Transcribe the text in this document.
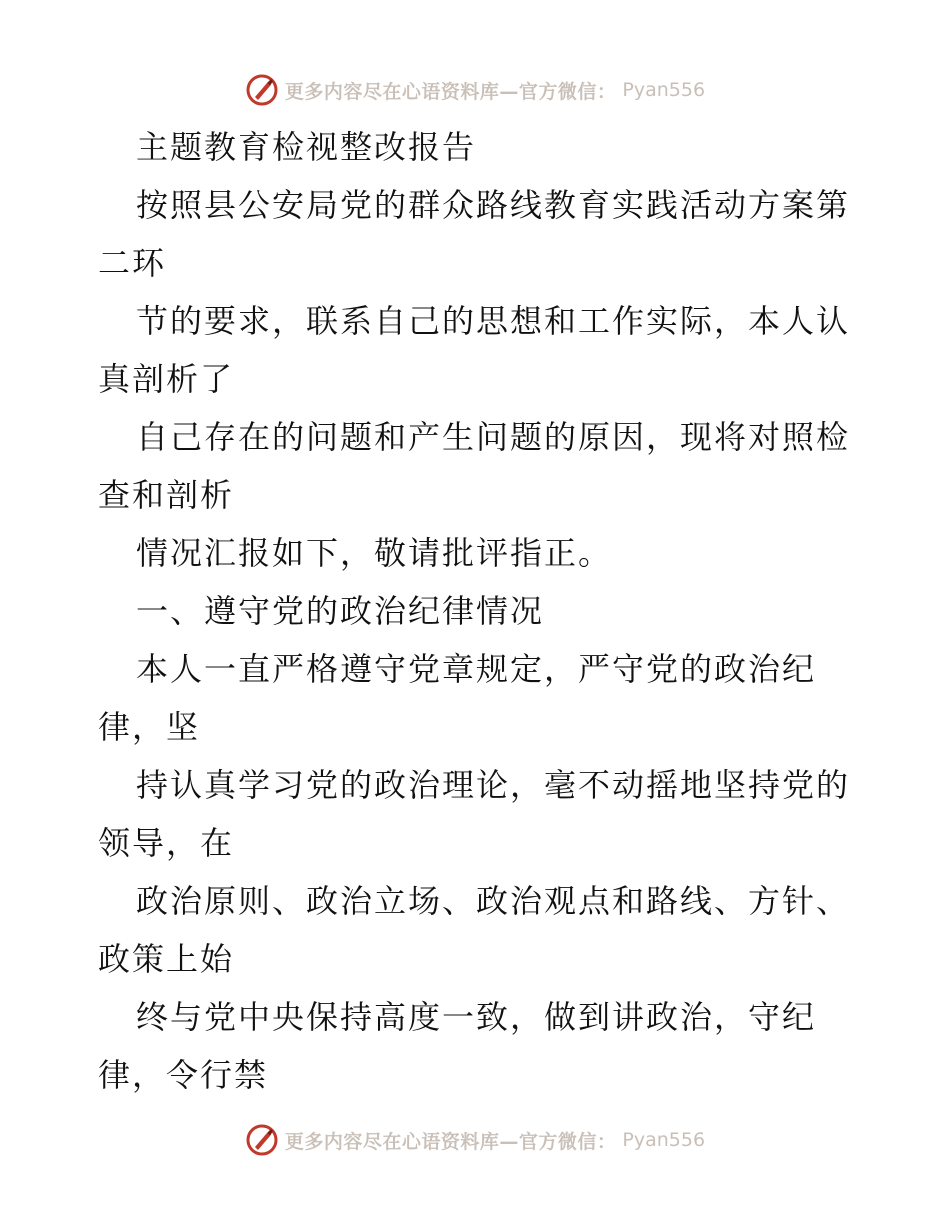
更多内容尽在心语资料库—官方微信： Pyan556
主题教育检视整改报告
按照县公安局党的群众路线教育实践活动方案第
二环
节的要求，联系自己的思想和工作实际，本人认
真剖析了
自己存在的问题和产生问题的原因，现将对照检
查和剖析
情况汇报如下，敬请批评指正。
一、遵守党的政治纪律情况
本人一直严格遵守党章规定，严守党的政治纪
律，坚
持认真学习党的政治理论，毫不动摇地坚持党的
领导，在
政治原则、政治立场、政治观点和路线、方针、
政策上始
终与党中央保持高度一致，做到讲政治，守纪
律，令行禁
更多内容尽在心语资料库—官方微信： Pyan556
